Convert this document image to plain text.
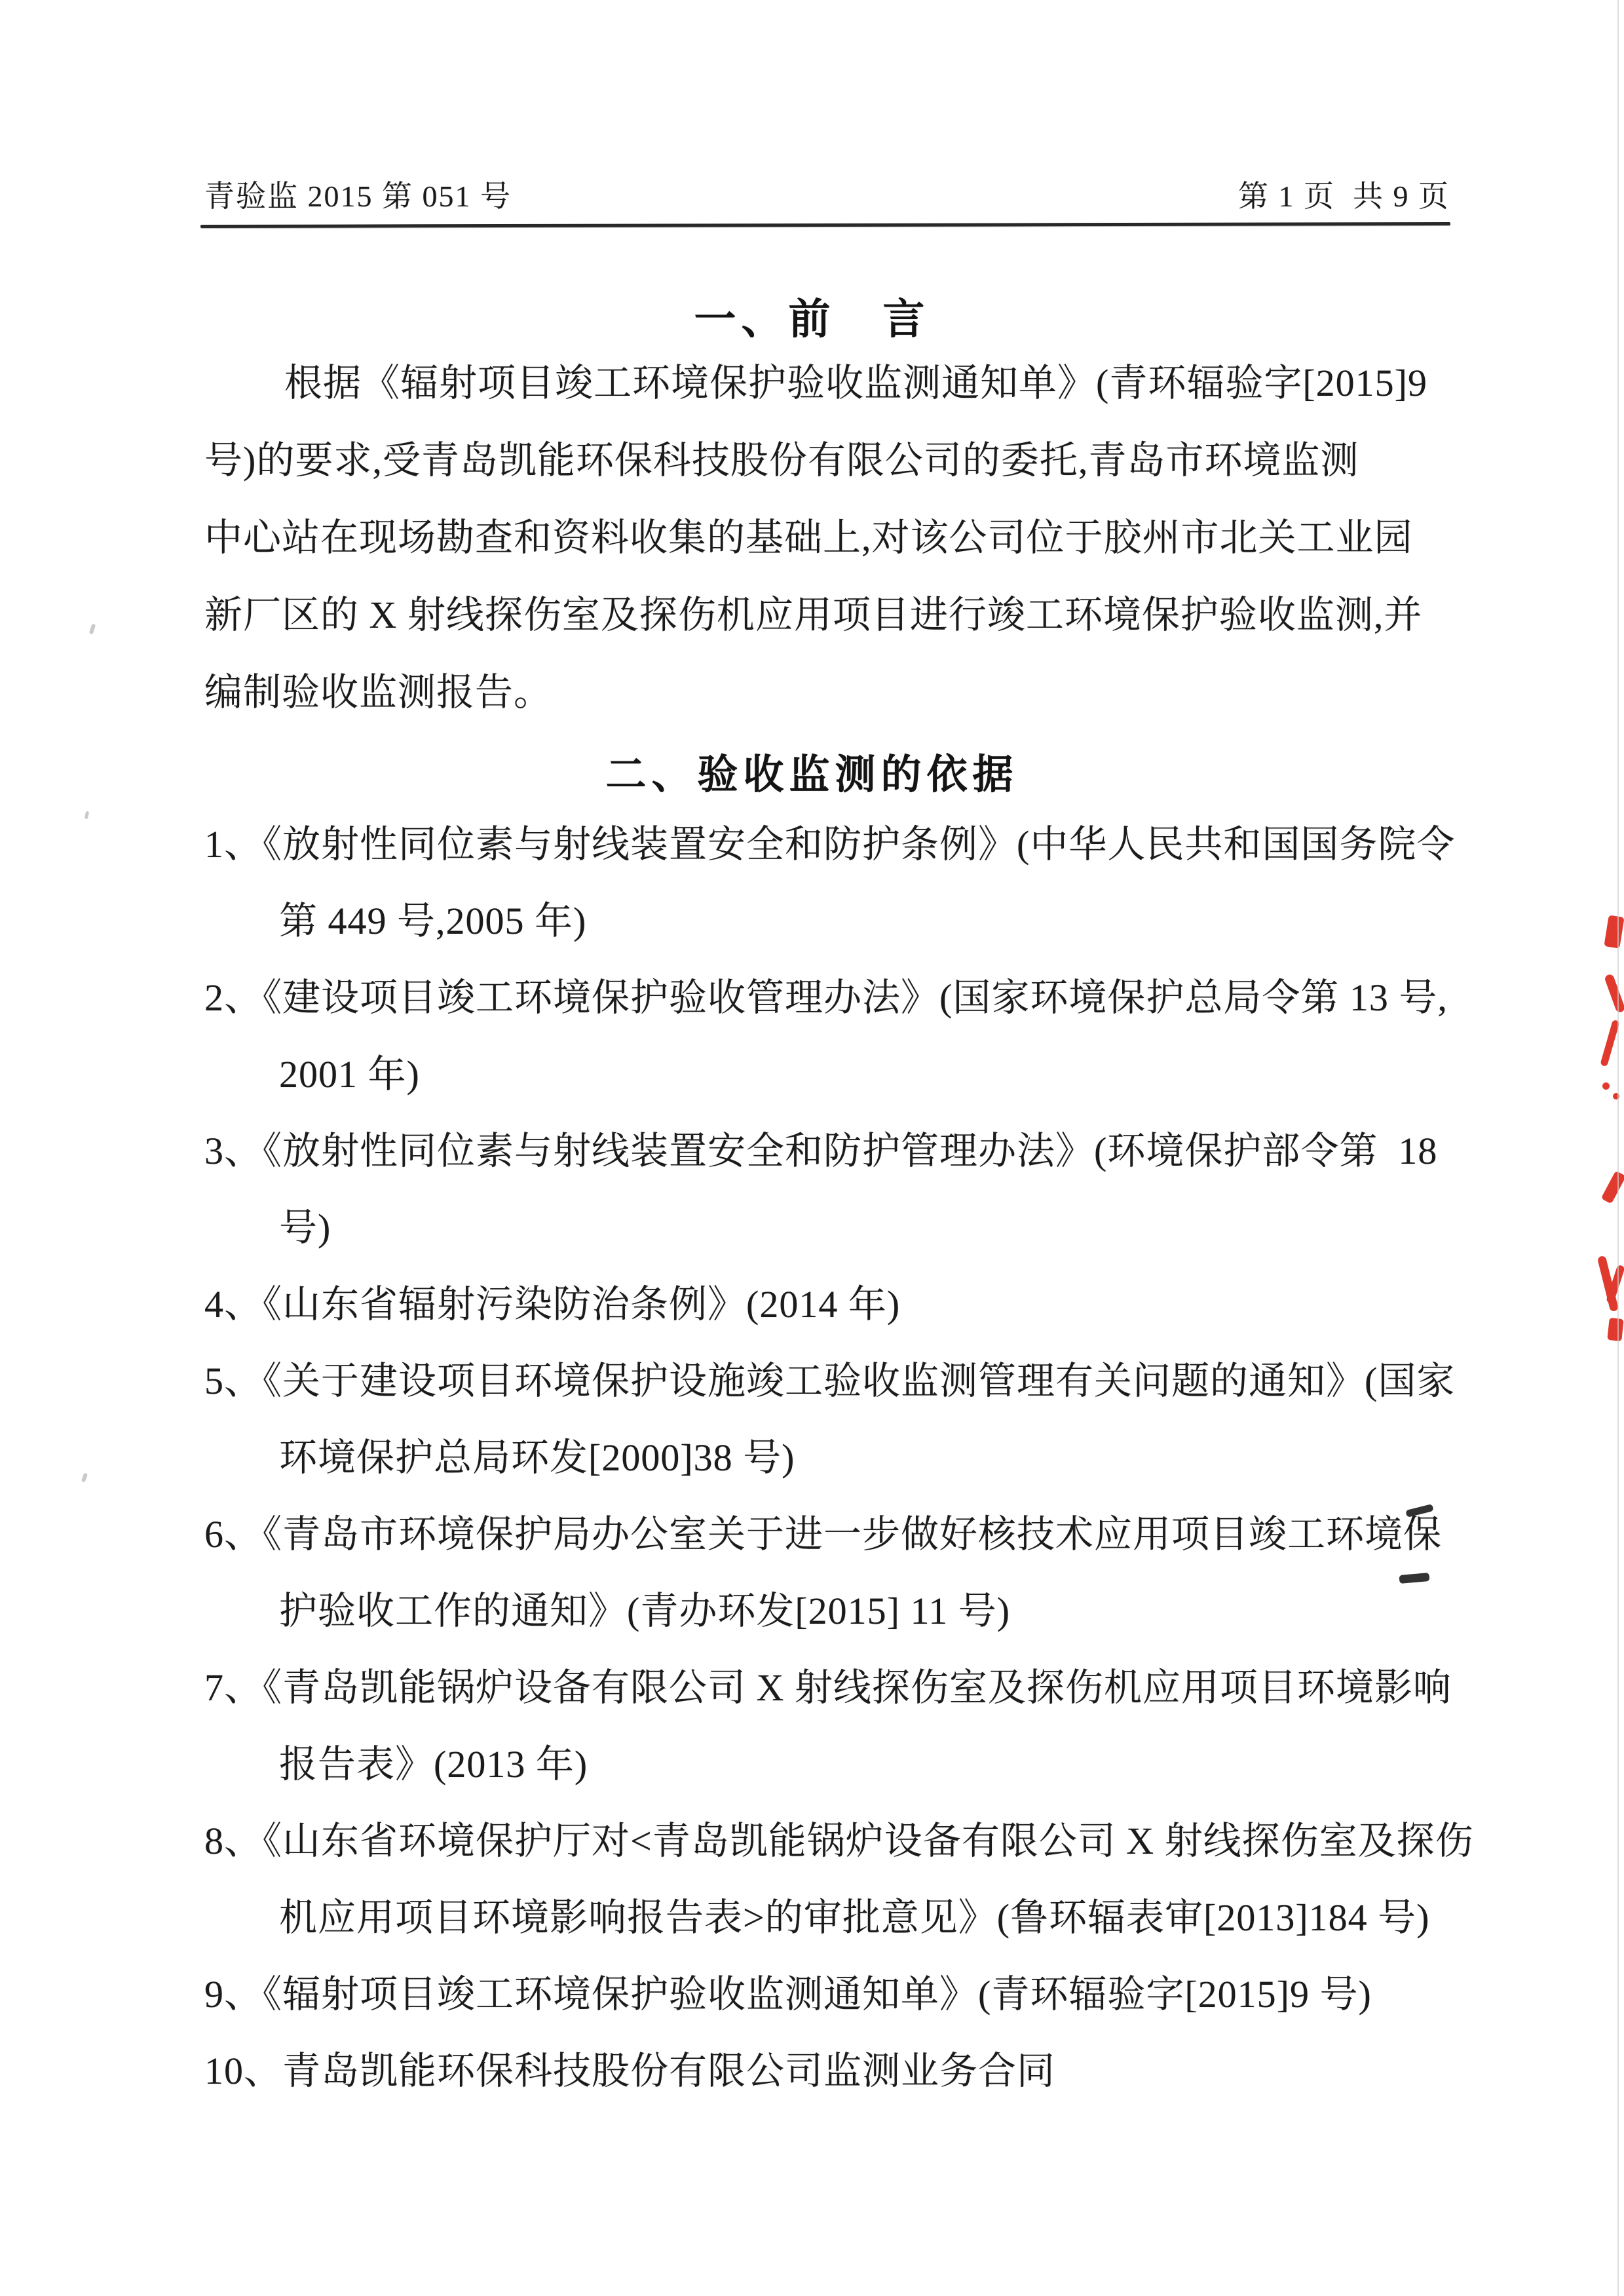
青验监 2015 第 051 号	第 1 页  共 9 页
一、前　言
根据《辐射项目竣工环境保护验收监测通知单》(青环辐验字[2015]9
号)的要求,受青岛凯能环保科技股份有限公司的委托,青岛市环境监测
中心站在现场勘查和资料收集的基础上,对该公司位于胶州市北关工业园
新厂区的 X 射线探伤室及探伤机应用项目进行竣工环境保护验收监测,并
编制验收监测报告。
二、验收监测的依据
1、《放射性同位素与射线装置安全和防护条例》(中华人民共和国国务院令
第 449 号,2005 年)
2、《建设项目竣工环境保护验收管理办法》(国家环境保护总局令第 13 号,
2001 年)
3、《放射性同位素与射线装置安全和防护管理办法》(环境保护部令第  18
号)
4、《山东省辐射污染防治条例》(2014 年)
5、《关于建设项目环境保护设施竣工验收监测管理有关问题的通知》(国家
环境保护总局环发[2000]38 号)
6、《青岛市环境保护局办公室关于进一步做好核技术应用项目竣工环境保
护验收工作的通知》(青办环发[2015] 11 号)
7、《青岛凯能锅炉设备有限公司 X 射线探伤室及探伤机应用项目环境影响
报告表》(2013 年)
8、《山东省环境保护厅对<青岛凯能锅炉设备有限公司 X 射线探伤室及探伤
机应用项目环境影响报告表>的审批意见》(鲁环辐表审[2013]184 号)
9、《辐射项目竣工环境保护验收监测通知单》(青环辐验字[2015]9 号)
10、青岛凯能环保科技股份有限公司监测业务合同
